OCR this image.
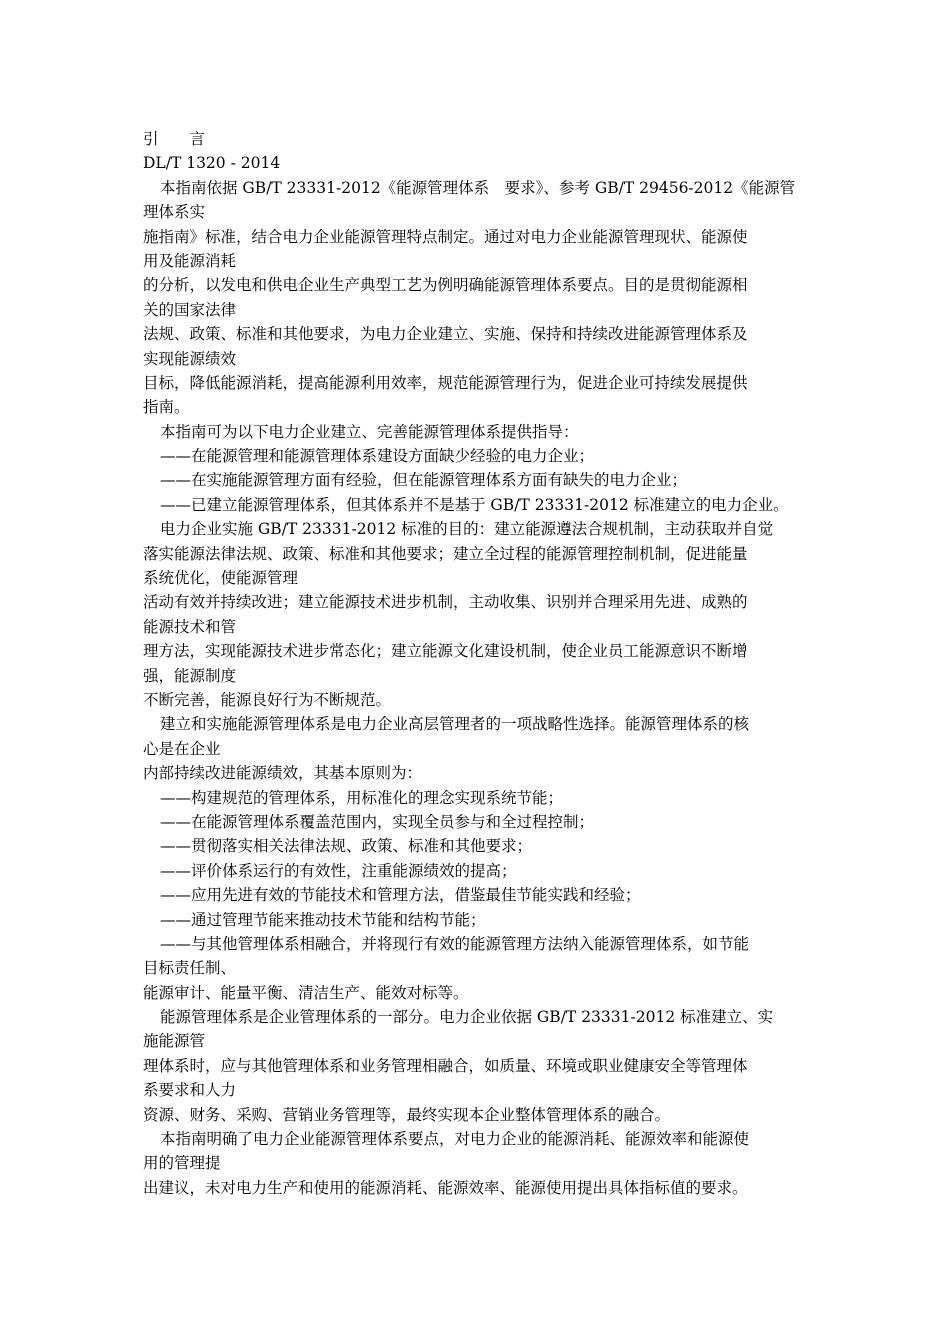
引　　言
DL/T 1320 - 2014
本指南依据 GB/T 23331-2012《能源管理体系　要求》、参考 GB/T 29456-2012《能源管
理体系实
施指南》标准，结合电力企业能源管理特点制定。通过对电力企业能源管理现状、能源使
用及能源消耗
的分析，以发电和供电企业生产典型工艺为例明确能源管理体系要点。目的是贯彻能源相
关的国家法律
法规、政策、标准和其他要求，为电力企业建立、实施、保持和持续改进能源管理体系及
实现能源绩效
目标，降低能源消耗，提高能源利用效率，规范能源管理行为，促进企业可持续发展提供
指南。
本指南可为以下电力企业建立、完善能源管理体系提供指导：
——在能源管理和能源管理体系建设方面缺少经验的电力企业；
——在实施能源管理方面有经验，但在能源管理体系方面有缺失的电力企业；
——已建立能源管理体系，但其体系并不是基于 GB/T 23331-2012 标准建立的电力企业。
电力企业实施 GB/T 23331-2012 标准的目的：建立能源遵法合规机制，主动获取并自觉
落实能源法律法规、政策、标准和其他要求；建立全过程的能源管理控制机制，促进能量
系统优化，使能源管理
活动有效并持续改进；建立能源技术进步机制，主动收集、识别并合理采用先进、成熟的
能源技术和管
理方法，实现能源技术进步常态化；建立能源文化建设机制，使企业员工能源意识不断增
强，能源制度
不断完善，能源良好行为不断规范。
建立和实施能源管理体系是电力企业高层管理者的一项战略性选择。能源管理体系的核
心是在企业
内部持续改进能源绩效，其基本原则为：
——构建规范的管理体系，用标准化的理念实现系统节能；
——在能源管理体系覆盖范围内，实现全员参与和全过程控制；
——贯彻落实相关法律法规、政策、标准和其他要求；
——评价体系运行的有效性，注重能源绩效的提高；
——应用先进有效的节能技术和管理方法，借鉴最佳节能实践和经验；
——通过管理节能来推动技术节能和结构节能；
——与其他管理体系相融合，并将现行有效的能源管理方法纳入能源管理体系，如节能
目标责任制、
能源审计、能量平衡、清洁生产、能效对标等。
能源管理体系是企业管理体系的一部分。电力企业依据 GB/T 23331-2012 标准建立、实
施能源管
理体系时，应与其他管理体系和业务管理相融合，如质量、环境或职业健康安全等管理体
系要求和人力
资源、财务、采购、营销业务管理等，最终实现本企业整体管理体系的融合。
本指南明确了电力企业能源管理体系要点，对电力企业的能源消耗、能源效率和能源使
用的管理提
出建议，未对电力生产和使用的能源消耗、能源效率、能源使用提出具体指标值的要求。
